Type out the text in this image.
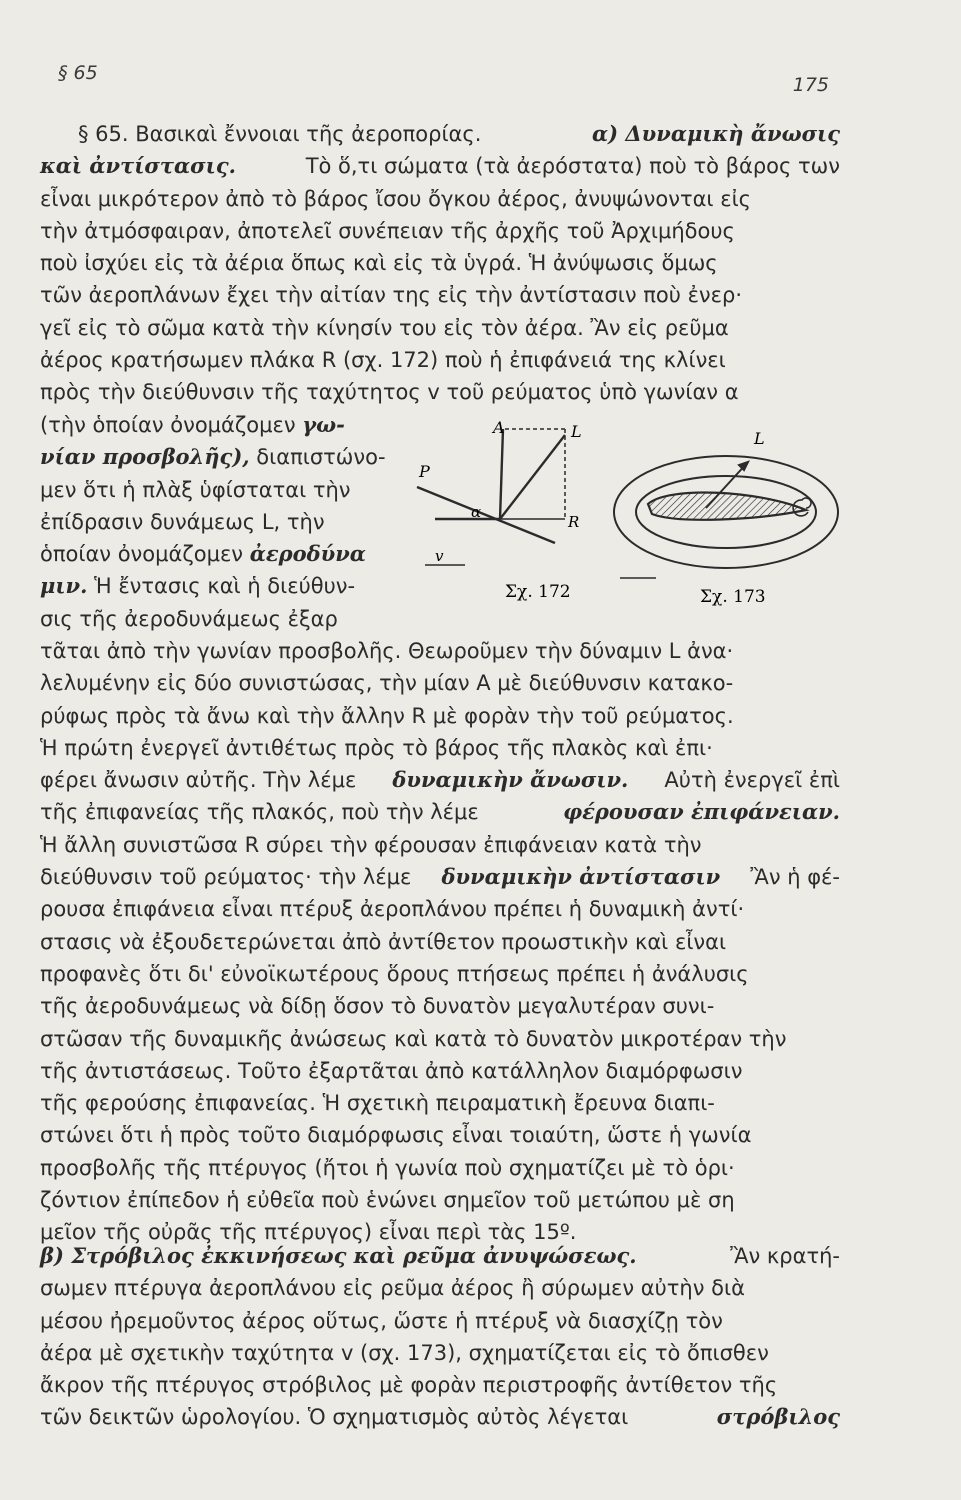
§ 65
175
§ 65. Βασικαὶ ἔννοιαι τῆς ἀεροπορίας.	α) Δυναμικὴ ἄνωσις
καὶ ἀντίστασις.	Τὸ ὅ,τι σώματα (τὰ ἀερόστατα) ποὺ τὸ βάρος των
εἶναι μικρότερον ἀπὸ τὸ βάρος ἴσου ὄγκου ἀέρος, ἀνυψώνονται εἰς
τὴν ἀτμόσφαιραν, ἀποτελεῖ συνέπειαν τῆς ἀρχῆς τοῦ Ἀρχιμήδους
ποὺ ἰσχύει εἰς τὰ ἀέρια ὅπως καὶ εἰς τὰ ὑγρά. Ἡ ἀνύψωσις ὅμως
τῶν ἀεροπλάνων ἔχει τὴν αἰτίαν της εἰς τὴν ἀντίστασιν ποὺ ἐνερ·
γεῖ εἰς τὸ σῶμα κατὰ τὴν κίνησίν του εἰς τὸν ἀέρα. Ἂν εἰς ρεῦμα
ἀέρος κρατήσωμεν πλάκα R (σχ. 172) ποὺ ἡ ἐπιφάνειά της κλίνει
πρὸς τὴν διεύθυνσιν τῆς ταχύτητος v τοῦ ρεύματος ὑπὸ γωνίαν α
(τὴν ὁποίαν ὀνομάζομεν γω-
νίαν προσβολῆς), διαπιστώνο-
μεν ὅτι ἡ πλὰξ ὑφίσταται τὴν
ἐπίδρασιν δυνάμεως L, τὴν
ὁποίαν ὀνομάζομεν ἀεροδύνα
μιν. Ἡ ἔντασις καὶ ἡ διεύθυν-
σις τῆς ἀεροδυνάμεως ἐξαρ
A	L
P
α
R
v
Σχ. 172
L
Σχ. 173
τᾶται ἀπὸ τὴν γωνίαν προσβολῆς. Θεωροῦμεν τὴν δύναμιν L ἀνα·
λελυμένην εἰς δύο συνιστώσας, τὴν μίαν A μὲ διεύθυνσιν κατακο-
ρύφως πρὸς τὰ ἄνω καὶ τὴν ἄλλην R μὲ φορὰν τὴν τοῦ ρεύματος.
Ἡ πρώτη ἐνεργεῖ ἀντιθέτως πρὸς τὸ βάρος τῆς πλακὸς καὶ ἐπι·
φέρει ἄνωσιν αὐτῆς. Τὴν λέμε δυναμικὴν ἄνωσιν. Αὐτὴ ἐνεργεῖ ἐπὶ
τῆς ἐπιφανείας τῆς πλακός, ποὺ τὴν λέμε	φέρουσαν ἐπιφάνειαν.
Ἡ ἄλλη συνιστῶσα R σύρει τὴν φέρουσαν ἐπιφάνειαν κατὰ τὴν
διεύθυνσιν τοῦ ρεύματος· τὴν λέμε δυναμικὴν ἀντίστασιν Ἂν ἡ φέ-
ρουσα ἐπιφάνεια εἶναι πτέρυξ ἀεροπλάνου πρέπει ἡ δυναμικὴ ἀντί·
στασις νὰ ἐξουδετερώνεται ἀπὸ ἀντίθετον προωστικὴν καὶ εἶναι
προφανὲς ὅτι δι' εὐνοϊκωτέρους ὅρους πτήσεως πρέπει ἡ ἀνάλυσις
τῆς ἀεροδυνάμεως νὰ δίδῃ ὅσον τὸ δυνατὸν μεγαλυτέραν συνι-
στῶσαν τῆς δυναμικῆς ἀνώσεως καὶ κατὰ τὸ δυνατὸν μικροτέραν τὴν
τῆς ἀντιστάσεως. Τοῦτο ἐξαρτᾶται ἀπὸ κατάλληλον διαμόρφωσιν
τῆς φερούσης ἐπιφανείας. Ἡ σχετικὴ πειραματικὴ ἔρευνα διαπι-
στώνει ὅτι ἡ πρὸς τοῦτο διαμόρφωσις εἶναι τοιαύτη, ὥστε ἡ γωνία
προσβολῆς τῆς πτέρυγος (ἤτοι ἡ γωνία ποὺ σχηματίζει μὲ τὸ ὁρι·
ζόντιον ἐπίπεδον ἡ εὐθεῖα ποὺ ἑνώνει σημεῖον τοῦ μετώπου μὲ ση
μεῖον τῆς οὐρᾶς τῆς πτέρυγος) εἶναι περὶ τὰς 15º.
β) Στρόβιλος ἐκκινήσεως καὶ ρεῦμα ἀνυψώσεως.	Ἂν κρατή-
σωμεν πτέρυγα ἀεροπλάνου εἰς ρεῦμα ἀέρος ἢ σύρωμεν αὐτὴν διὰ
μέσου ἠρεμοῦντος ἀέρος οὕτως, ὥστε ἡ πτέρυξ νὰ διασχίζῃ τὸν
ἀέρα μὲ σχετικὴν ταχύτητα v (σχ. 173), σχηματίζεται εἰς τὸ ὄπισθεν
ἄκρον τῆς πτέρυγος στρόβιλος μὲ φορὰν περιστροφῆς ἀντίθετον τῆς
τῶν δεικτῶν ὡρολογίου. Ὁ σχηματισμὸς αὐτὸς λέγεται	στρόβιλος
